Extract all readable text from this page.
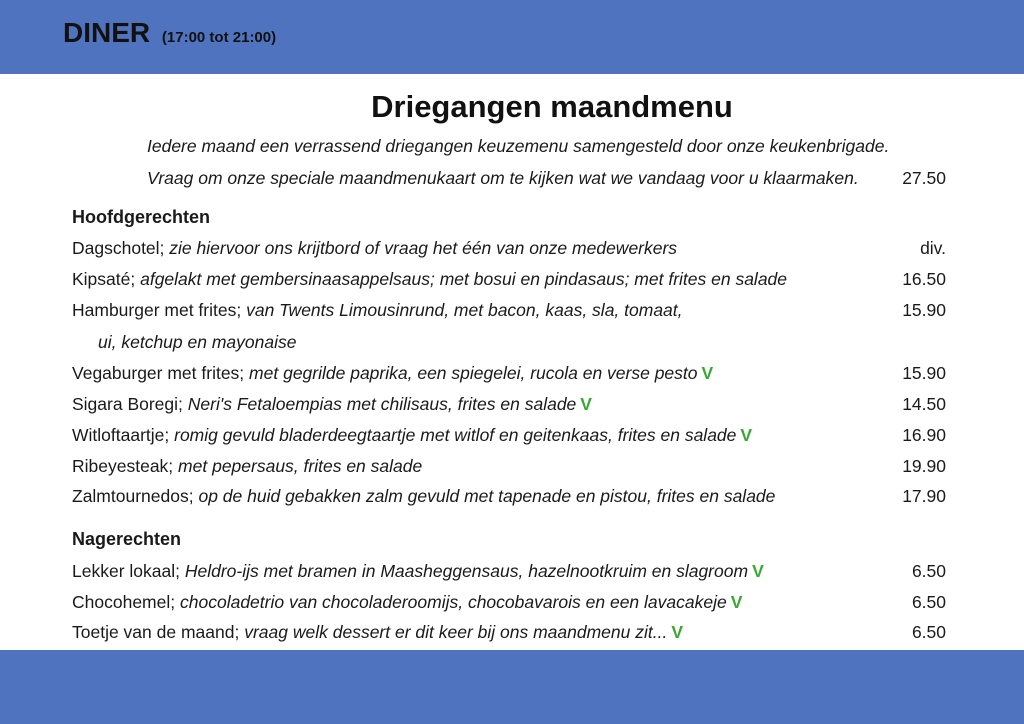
DINER (17:00 tot 21:00)
Driegangen maandmenu
Iedere maand een verrassend driegangen keuzemenu samengesteld door onze keukenbrigade.
Vraag om onze speciale maandmenukaart om te kijken wat we vandaag voor u klaarmaken. 27.50
Hoofdgerechten
Dagschotel; zie hiervoor ons krijtbord of vraag het één van onze medewerkers	div.
Kipsaté; afgelakt met gembersinaasappelsaus; met bosui en pindasaus; met frites en salade	16.50
Hamburger met frites; van Twents Limousinrund, met bacon, kaas, sla, tomaat,	15.90
ui, ketchup en mayonaise
Vegaburger met frites; met gegrilde paprika, een spiegelei, rucola en verse pesto V	15.90
Sigara Boregi; Neri's Fetaloempias met chilisaus, frites en salade V	14.50
Witloftaartje; romig gevuld bladerdeegtaartje met witlof en geitenkaas, frites en salade V	16.90
Ribeyesteak; met pepersaus, frites en salade	19.90
Zalmtournedos; op de huid gebakken zalm gevuld met tapenade en pistou, frites en salade	17.90
Nagerechten
Lekker lokaal; Heldro-ijs met bramen in Maasheggensaus, hazelnootkruim en slagroom V	6.50
Chocohemel; chocoladetrio van chocoladeroomijs, chocobavarois en een lavacakeje V	6.50
Toetje van de maand; vraag welk dessert er dit keer bij ons maandmenu zit... V	6.50
